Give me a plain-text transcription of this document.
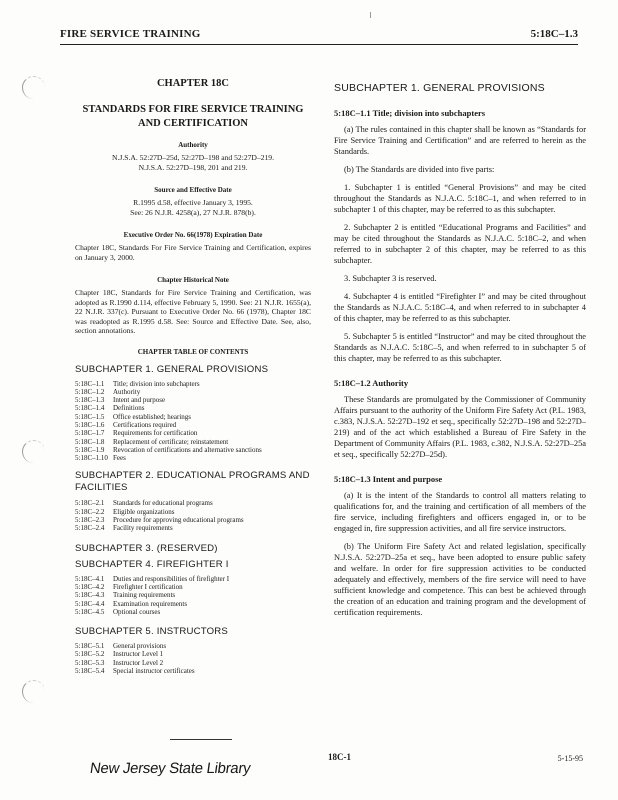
FIRE SERVICE TRAINING	5:18C–1.3
CHAPTER 18C
STANDARDS FOR FIRE SERVICE TRAINING
AND CERTIFICATION
Authority
N.J.S.A. 52:27D–25d, 52:27D–198 and 52:27D–219.
N.J.S.A. 52:27D–198, 201 and 219.
Source and Effective Date
R.1995 d.58, effective January 3, 1995.
See: 26 N.J.R. 4258(a), 27 N.J.R. 878(b).
Executive Order No. 66(1978) Expiration Date
Chapter 18C, Standards For Fire Service Training and Certification, expires on January 3, 2000.
Chapter Historical Note
Chapter 18C, Standards for Fire Service Training and Certification, was adopted as R.1990 d.114, effective February 5, 1990. See: 21 N.J.R. 1655(a), 22 N.J.R. 337(c). Pursuant to Executive Order No. 66 (1978), Chapter 18C was readopted as R.1995 d.58. See: Source and Effective Date. See, also, section annotations.
CHAPTER TABLE OF CONTENTS
SUBCHAPTER 1. GENERAL PROVISIONS
5:18C–1.1	Title; division into subchapters
5:18C–1.2	Authority
5:18C–1.3	Intent and purpose
5:18C–1.4	Definitions
5:18C–1.5	Office established; hearings
5:18C–1.6	Certifications required
5:18C–1.7	Requirements for certification
5:18C–1.8	Replacement of certificate; reinstatement
5:18C–1.9	Revocation of certifications and alternative sanctions
5:18C–1.10 Fees
SUBCHAPTER 2. EDUCATIONAL PROGRAMS AND FACILITIES
5:18C–2.1	Standards for educational programs
5:18C–2.2	Eligible organizations
5:18C–2.3	Procedure for approving educational programs
5:18C–2.4	Facility requirements
SUBCHAPTER 3. (RESERVED)
SUBCHAPTER 4. FIREFIGHTER I
5:18C–4.1	Duties and responsibilities of firefighter I
5:18C–4.2	Firefighter I certification
5:18C–4.3	Training requirements
5:18C–4.4	Examination requirements
5:18C–4.5	Optional courses
SUBCHAPTER 5. INSTRUCTORS
5:18C–5.1	General provisions
5:18C–5.2	Instructor Level 1
5:18C–5.3	Instructor Level 2
5:18C–5.4	Special instructor certificates
SUBCHAPTER 1. GENERAL PROVISIONS
5:18C–1.1 Title; division into subchapters

(a) The rules contained in this chapter shall be known as “Standards for Fire Service Training and Certification” and are referred to herein as the Standards.

(b) The Standards are divided into five parts:

1. Subchapter 1 is entitled “General Provisions” and may be cited throughout the Standards as N.J.A.C. 5:18C–1, and when referred to in subchapter 1 of this chapter, may be referred to as this subchapter.

2. Subchapter 2 is entitled “Educational Programs and Facilities” and may be cited throughout the Standards as N.J.A.C. 5:18C–2, and when referred to in subchapter 2 of this chapter, may be referred to as this subchapter.

3. Subchapter 3 is reserved.

4. Subchapter 4 is entitled “Firefighter I” and may be cited throughout the Standards as N.J.A.C. 5:18C–4, and when referred to in subchapter 4 of this chapter, may be referred to as this subchapter.

5. Subchapter 5 is entitled “Instructor” and may be cited throughout the Standards as N.J.A.C. 5:18C–5, and when referred to in subchapter 5 of this chapter, may be referred to as this subchapter.

5:18C–1.2 Authority

These Standards are promulgated by the Commissioner of Community Affairs pursuant to the authority of the Uniform Fire Safety Act (P.L. 1983, c.383, N.J.S.A. 52:27D–192 et seq., specifically 52:27D–198 and 52:27D–219) and of the act which established a Bureau of Fire Safety in the Department of Community Affairs (P.L. 1983, c.382, N.J.S.A. 52:27D–25a et seq., specifically 52:27D–25d).

5:18C–1.3 Intent and purpose

(a) It is the intent of the Standards to control all matters relating to qualifications for, and the training and certification of all members of the fire service, including firefighters and officers engaged in, or to be engaged in, fire suppression activities, and all fire service instructors.

(b) The Uniform Fire Safety Act and related legislation, specifically N.J.S.A. 52:27D–25a et seq., have been adopted to ensure public safety and welfare. In order for fire suppression activities to be conducted adequately and effectively, members of the fire service will need to have sufficient knowledge and competence. This can best be achieved through the creation of an education and training program and the development of certification requirements.

New Jersey State Library
18C-1	5-15-95
